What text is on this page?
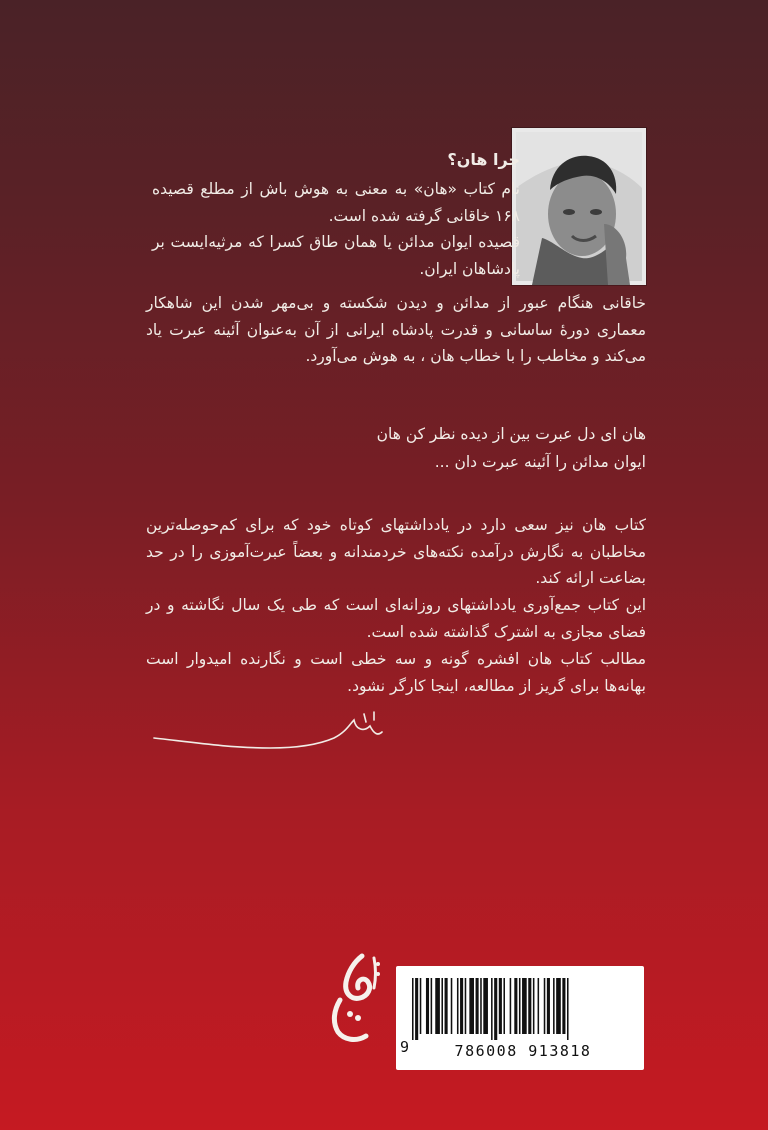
چرا هان؟
نام کتاب «هان» به معنی به هوش باش از مطلع قصیده ۱۶۸ خاقانی گرفته شده است.
قصیده ایوان مدائن یا همان طاق کسرا که مرثیه‌ایست بر پادشاهان ایران.
خاقانی هنگام عبور از مدائن و دیدن شکسته و بی‌مهر شدن این شاهکار معماری دورهٔ ساسانی و قدرت پادشاه ایرانی از آن به‌عنوان آئینه عبرت یاد می‌کند و مخاطب را با خطاب هان ، به هوش می‌آورد.
هان ای دل عبرت بین از دیده نظر کن هان
ایوان مدائن را آئینه عبرت دان ...
کتاب هان نیز سعی دارد در یادداشتهای کوتاه خود که برای کم‌حوصله‌ترین مخاطبان به نگارش درآمده نکته‌های خردمندانه و بعضاً عبرت‌آموزی را در حد بضاعت ارائه کند.
این کتاب جمع‌آوری یادداشتهای روزانه‌ای است که طی یک سال نگاشته و در فضای مجازی به اشترک گذاشته شده است.
مطالب کتاب هان افشره گونه و سه خطی است و نگارنده امیدوار است بهانه‌ها برای گریز از مطالعه، اینجا کارگر نشود.
9	786008 913818
